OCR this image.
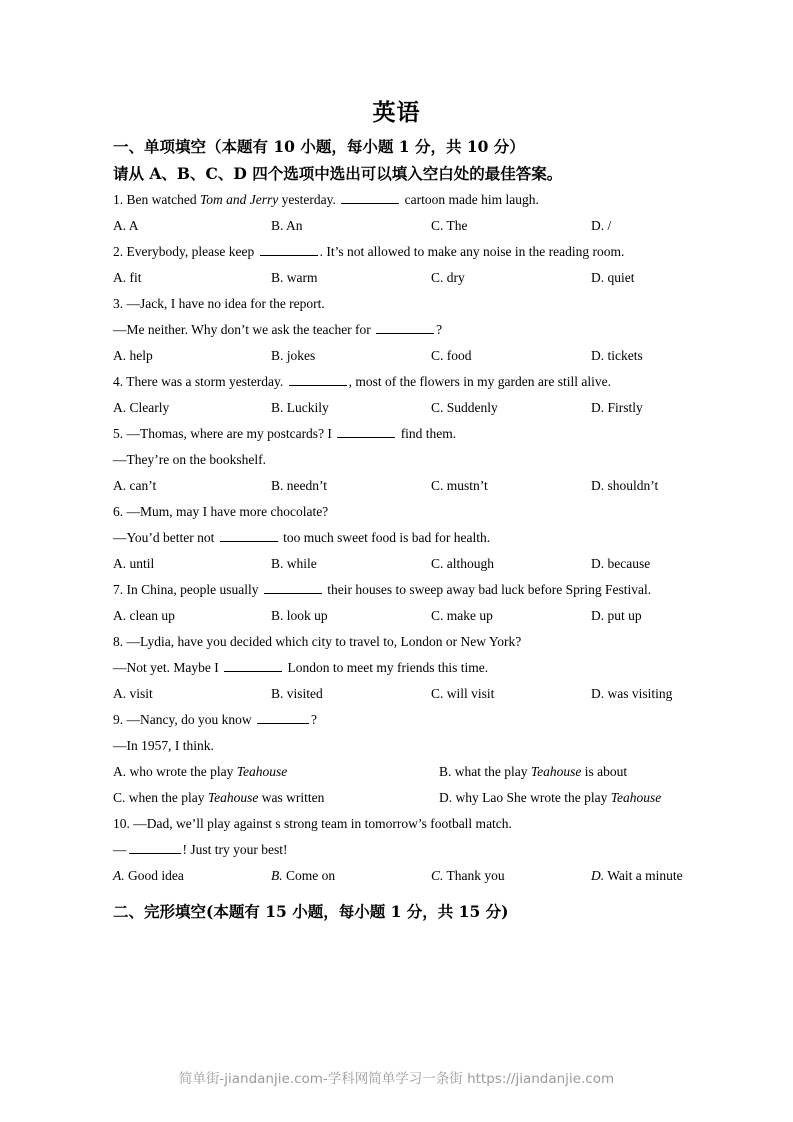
英语

一、单项填空（本题有 10 小题，每小题 1 分，共 10 分）

请从 A、B、C、D 四个选项中选出可以填入空白处的最佳答案。

1. Ben watched Tom and Jerry yesterday.	cartoon made him laugh.

A. A	B. An	C. The	D. /

2. Everybody, please keep	. It’s not allowed to make any noise in the reading room.

A. fit	B. warm	C. dry	D. quiet

3. —Jack, I have no idea for the report.

—Me neither. Why don’t we ask the teacher for	?

A. help	B. jokes	C. food	D. tickets

4. There was a storm yesterday.	, most of the flowers in my garden are still alive.

A. Clearly	B. Luckily	C. Suddenly	D. Firstly

5. —Thomas, where are my postcards? I	find them.

—They’re on the bookshelf.

A. can’t	B. needn’t	C. mustn’t	D. shouldn’t

6. —Mum, may I have more chocolate?

—You’d better not	too much sweet food is bad for health.

A. until	B. while	C. although	D. because

7. In China, people usually	their houses to sweep away bad luck before Spring Festival.

A. clean up	B. look up	C. make up	D. put up

8. —Lydia, have you decided which city to travel to, London or New York?

—Not yet. Maybe I	London to meet my friends this time.

A. visit	B. visited	C. will visit	D. was visiting

9. —Nancy, do you know	?

—In 1957, I think.

A. who wrote the play Teahouse	B. what the play Teahouse is about

C. when the play Teahouse was written	D. why Lao She wrote the play Teahouse

10. —Dad, we’ll play against s strong team in tomorrow’s football match.

—	! Just try your best!

A. Good idea	B. Come on	C. Thank you	D. Wait a minute

二、完形填空(本题有 15 小题，每小题 1 分，共 15 分)

简单街-jiandanjie.com-学科网简单学习一条街 https://jiandanjie.com
